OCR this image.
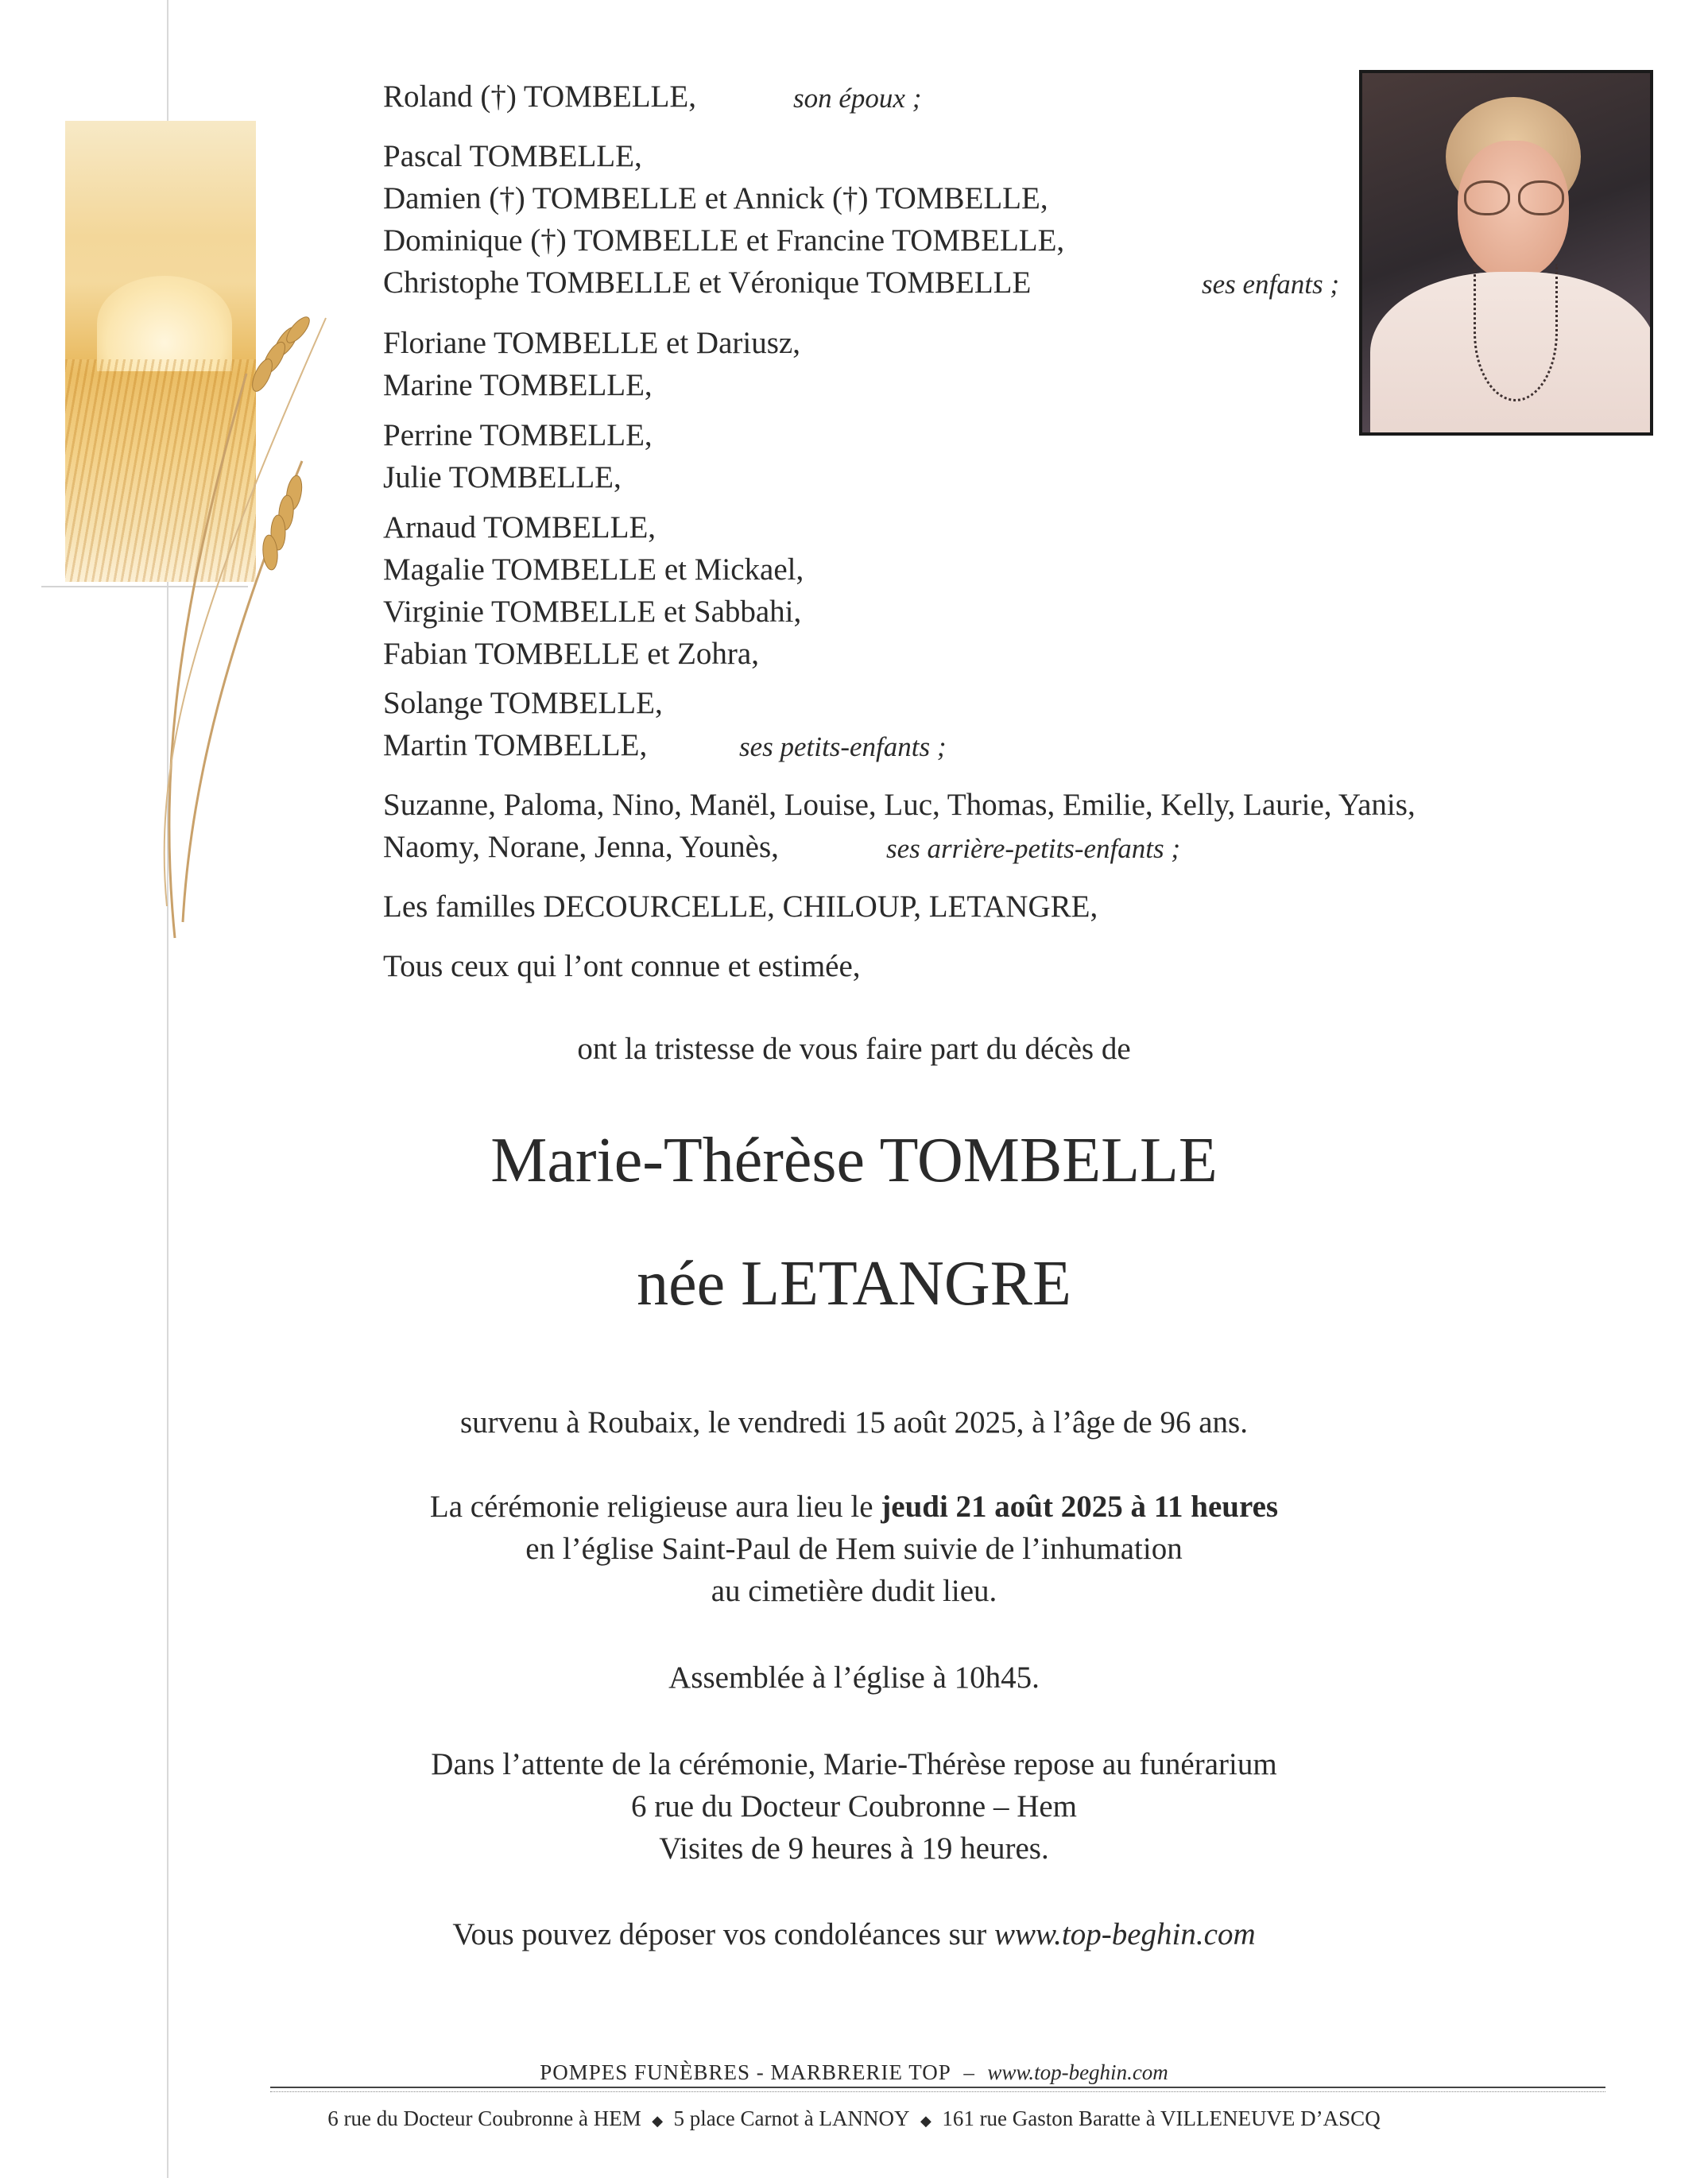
Roland (†) TOMBELLE,	son époux ;
Pascal TOMBELLE,
Damien (†) TOMBELLE et Annick (†) TOMBELLE,
Dominique (†) TOMBELLE et Francine TOMBELLE,
Christophe TOMBELLE et Véronique TOMBELLE	ses enfants ;
Floriane TOMBELLE et Dariusz,
Marine TOMBELLE,
Perrine TOMBELLE,
Julie TOMBELLE,
Arnaud TOMBELLE,
Magalie TOMBELLE et Mickael,
Virginie TOMBELLE et Sabbahi,
Fabian TOMBELLE et Zohra,
Solange TOMBELLE,
Martin TOMBELLE,	ses petits-enfants ;
Suzanne, Paloma, Nino, Manël, Louise, Luc, Thomas, Emilie, Kelly, Laurie, Yanis,
Naomy, Norane, Jenna, Younès,	ses arrière-petits-enfants ;
Les familles DECOURCELLE, CHILOUP, LETANGRE,
Tous ceux qui l’ont connue et estimée,
ont la tristesse de vous faire part du décès de
Marie-Thérèse TOMBELLE
née LETANGRE
survenu à Roubaix, le vendredi 15 août 2025, à l’âge de 96 ans.
La cérémonie religieuse aura lieu le jeudi 21 août 2025 à 11 heures
en l’église Saint-Paul de Hem suivie de l’inhumation
au cimetière dudit lieu.
Assemblée à l’église à 10h45.
Dans l’attente de la cérémonie, Marie-Thérèse repose au funérarium
6 rue du Docteur Coubronne – Hem
Visites de 9 heures à 19 heures.
Vous pouvez déposer vos condoléances sur www.top-beghin.com
POMPES FUNÈBRES - MARBRERIE TOP – www.top-beghin.com
6 rue du Docteur Coubronne à HEM ◆ 5 place Carnot à LANNOY ◆ 161 rue Gaston Baratte à VILLENEUVE D’ASCQ
